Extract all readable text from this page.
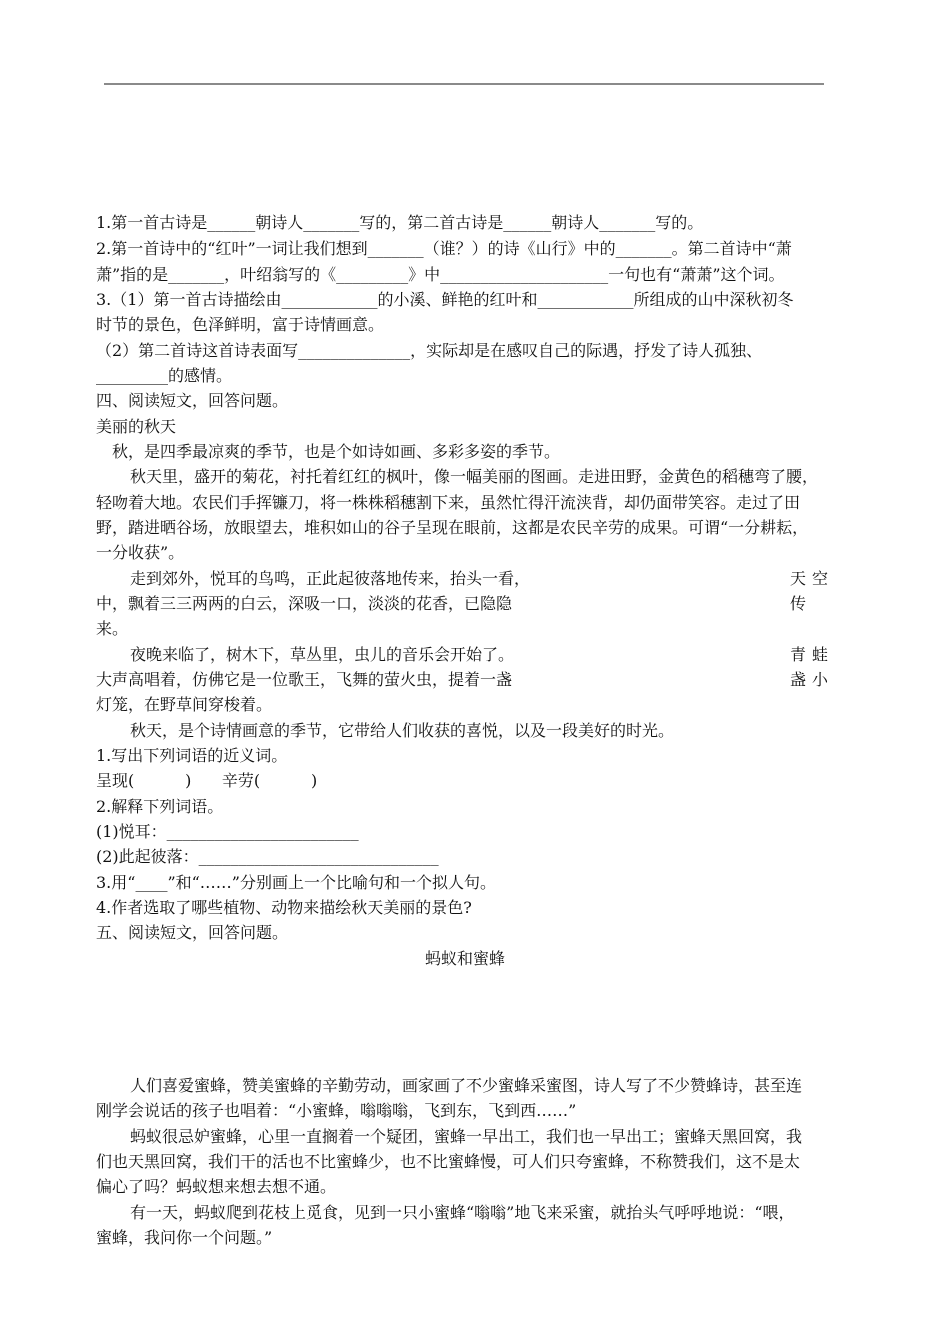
1.第一首古诗是______朝诗人_______写的，第二首古诗是______朝诗人_______写的。
2.第一首诗中的“红叶”一词让我们想到_______（谁？）的诗《山行》中的_______。第二首诗中“萧
萧”指的是_______，叶绍翁写的《_________》中_____________________一句也有“萧萧”这个词。
3.（1）第一首古诗描绘由____________的小溪、鲜艳的红叶和____________所组成的山中深秋初冬
时节的景色，色泽鲜明，富于诗情画意。
（2）第二首诗这首诗表面写______________，实际却是在感叹自己的际遇，抒发了诗人孤独、
_________的感情。
四、阅读短文，回答问题。
美丽的秋天
秋，是四季最凉爽的季节，也是个如诗如画、多彩多姿的季节。
秋天里，盛开的菊花，衬托着红红的枫叶，像一幅美丽的图画。走进田野，金黄色的稻穗弯了腰，
轻吻着大地。农民们手挥镰刀，将一株株稻穗割下来，虽然忙得汗流浃背，却仍面带笑容。走过了田
野，踏进晒谷场，放眼望去，堆积如山的谷子呈现在眼前，这都是农民辛劳的成果。可谓“一分耕耘，
一分收获”。
走到郊外，悦耳的鸟鸣，正此起彼落地传来，抬头一看，	天空
中，飘着三三两两的白云，深吸一口，淡淡的花香，已隐隐	传
来。
夜晚来临了，树木下，草丛里，虫儿的音乐会开始了。	青蛙
大声高唱着，仿佛它是一位歌王，飞舞的萤火虫，提着一盏	盏小
灯笼，在野草间穿梭着。
秋天，是个诗情画意的季节，它带给人们收获的喜悦，以及一段美好的时光。
1.写出下列词语的近义词。
呈现(          )      辛劳(          )
2.解释下列词语。
(1)悦耳：________________________
(2)此起彼落：______________________________
3.用“____”和“……”分别画上一个比喻句和一个拟人句。
4.作者选取了哪些植物、动物来描绘秋天美丽的景色?
五、阅读短文，回答问题。
蚂蚁和蜜蜂
人们喜爱蜜蜂，赞美蜜蜂的辛勤劳动，画家画了不少蜜蜂采蜜图，诗人写了不少赞蜂诗，甚至连
刚学会说话的孩子也唱着：“小蜜蜂，嗡嗡嗡，飞到东，飞到西……”
蚂蚁很忌妒蜜蜂，心里一直搁着一个疑团，蜜蜂一早出工，我们也一早出工；蜜蜂天黑回窝，我
们也天黑回窝，我们干的活也不比蜜蜂少，也不比蜜蜂慢，可人们只夸蜜蜂，不称赞我们，这不是太
偏心了吗？蚂蚁想来想去想不通。
有一天，蚂蚁爬到花枝上觅食，见到一只小蜜蜂“嗡嗡”地飞来采蜜，就抬头气呼呼地说：“喂，
蜜蜂，我问你一个问题。”
